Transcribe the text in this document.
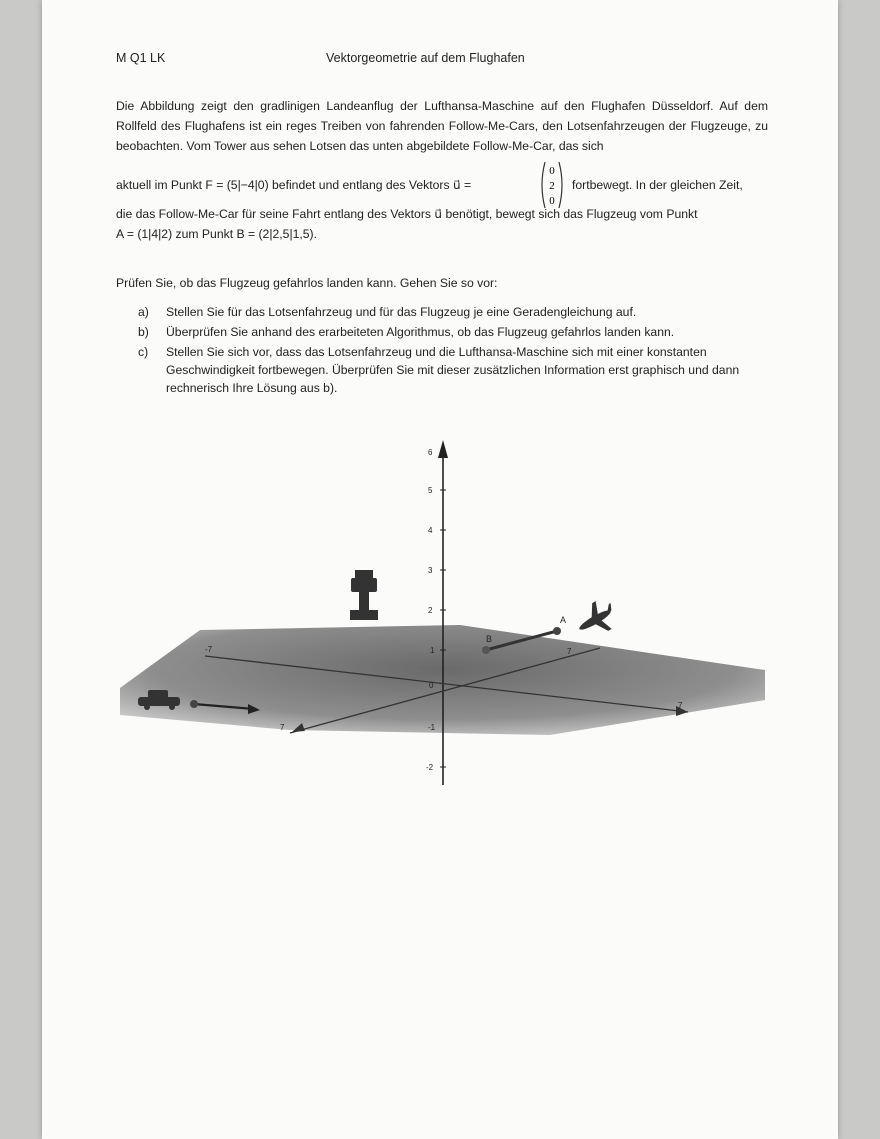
M Q1 LK	Vektorgeometrie auf dem Flughafen
Die Abbildung zeigt den gradlinigen Landeanflug der Lufthansa-Maschine auf den Flughafen Düsseldorf. Auf dem Rollfeld des Flughafens ist ein reges Treiben von fahrenden Follow-Me-Cars, den Lotsenfahrzeugen der Flugzeuge, zu beobachten. Vom Tower aus sehen Lotsen das unten abgebildete Follow-Me-Car, das sich
aktuell im Punkt F = (5|−4|0) befindet und entlang des Vektors u⃗ =
0
2
0
fortbewegt. In der gleichen Zeit,
die das Follow-Me-Car für seine Fahrt entlang des Vektors u⃗ benötigt, bewegt sich das Flugzeug vom Punkt
A = (1|4|2) zum Punkt B = (2|2,5|1,5).
Prüfen Sie, ob das Flugzeug gefahrlos landen kann. Gehen Sie so vor:
a) Stellen Sie für das Lotsenfahrzeug und für das Flugzeug je eine Geradengleichung auf.
b) Überprüfen Sie anhand des erarbeiteten Algorithmus, ob das Flugzeug gefahrlos landen kann.
c) Stellen Sie sich vor, dass das Lotsenfahrzeug und die Lufthansa-Maschine sich mit einer konstanten Geschwindigkeit fortbewegen. Überprüfen Sie mit dieser zusätzlichen Information erst graphisch und dann rechnerisch Ihre Lösung aus b).
6
5
4
3
2
1
-1
-2
-7
7
7
7
0
A
B
